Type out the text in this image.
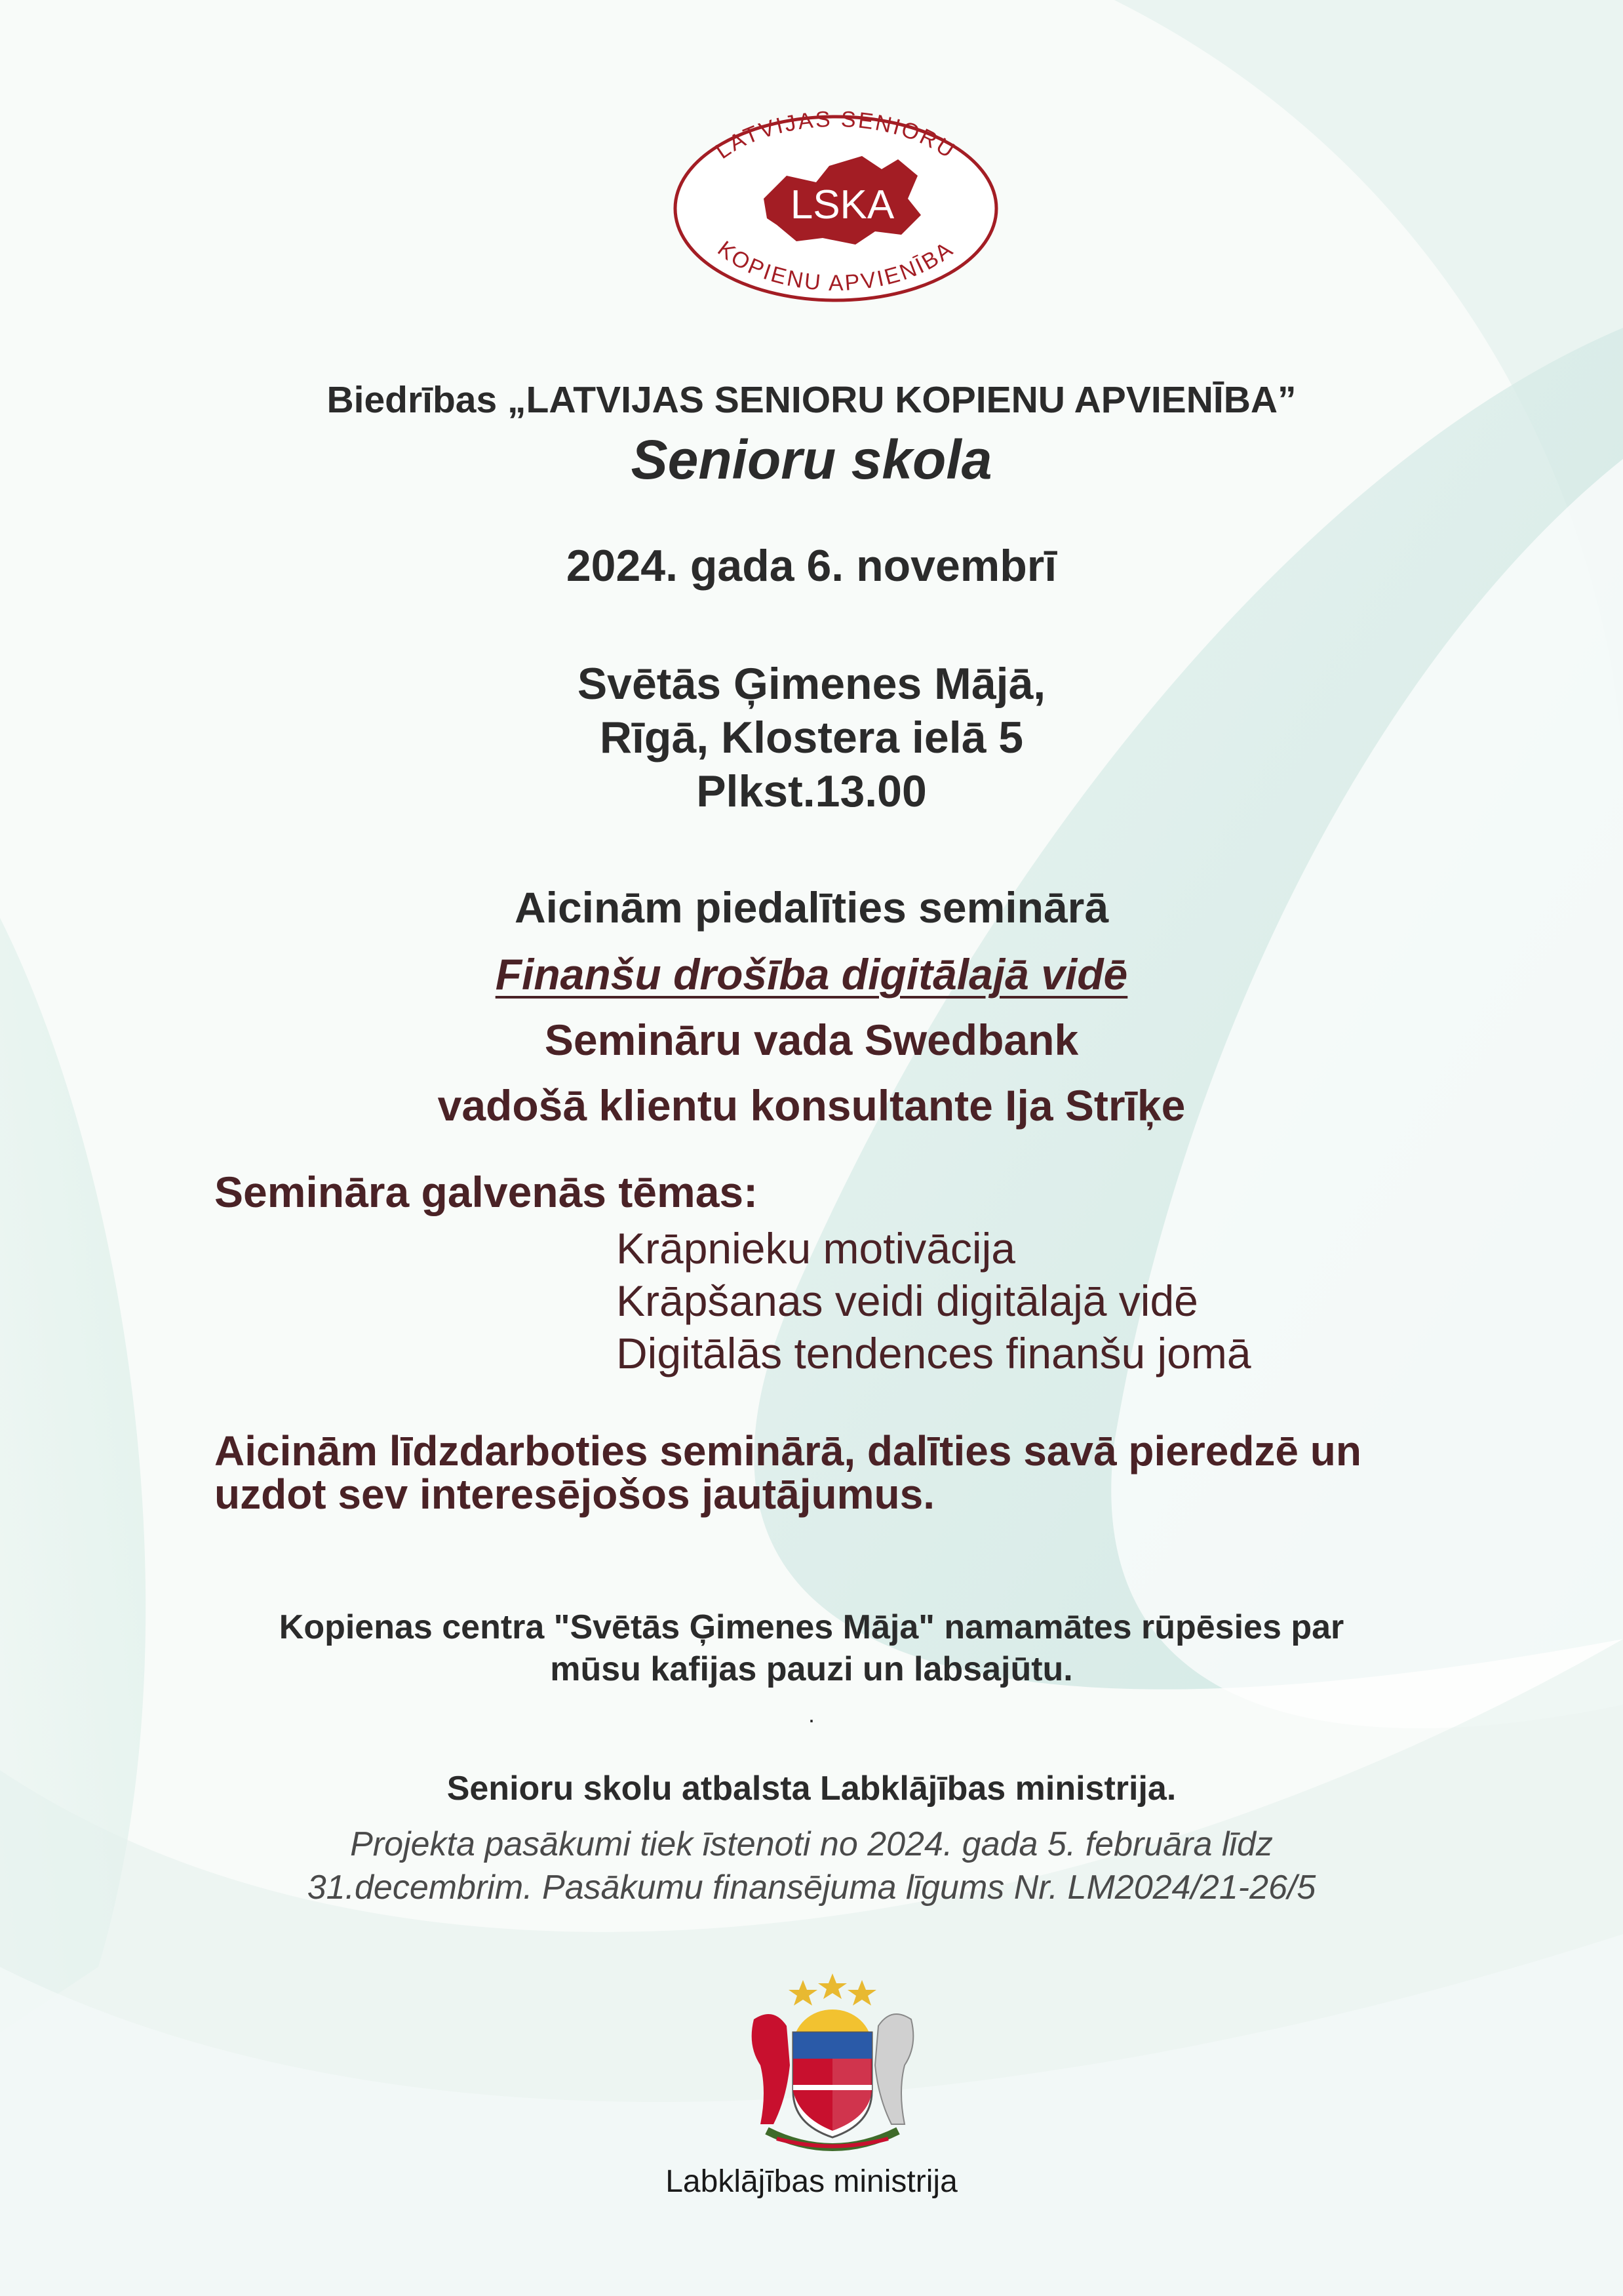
LATVIJAS SENIORU
KOPIENU APVIENĪBA
LSKA
Biedrības „LATVIJAS SENIORU KOPIENU APVIENĪBA”
Senioru skola
2024. gada 6. novembrī
Svētās Ģimenes Mājā,
Rīgā, Klostera ielā 5
Plkst.13.00
Aicinām piedalīties seminārā
Finanšu drošība digitālajā vidē
Semināru vada Swedbank
vadošā klientu konsultante Ija Strīķe
Semināra galvenās tēmas:
Krāpnieku motivācija
Krāpšanas veidi digitālajā vidē
Digitālās tendences finanšu jomā
Aicinām līdzdarboties seminārā, dalīties savā pieredzē un uzdot sev interesējošos jautājumus.
Kopienas centra "Svētās Ģimenes Māja" namamātes rūpēsies par
mūsu kafijas pauzi un labsajūtu.
.
Senioru skolu atbalsta Labklājības ministrija.
Projekta pasākumi tiek īstenoti no 2024. gada 5. februāra līdz
31.decembrim. Pasākumu finansējuma līgums Nr. LM2024/21-26/5
Labklājības ministrija
